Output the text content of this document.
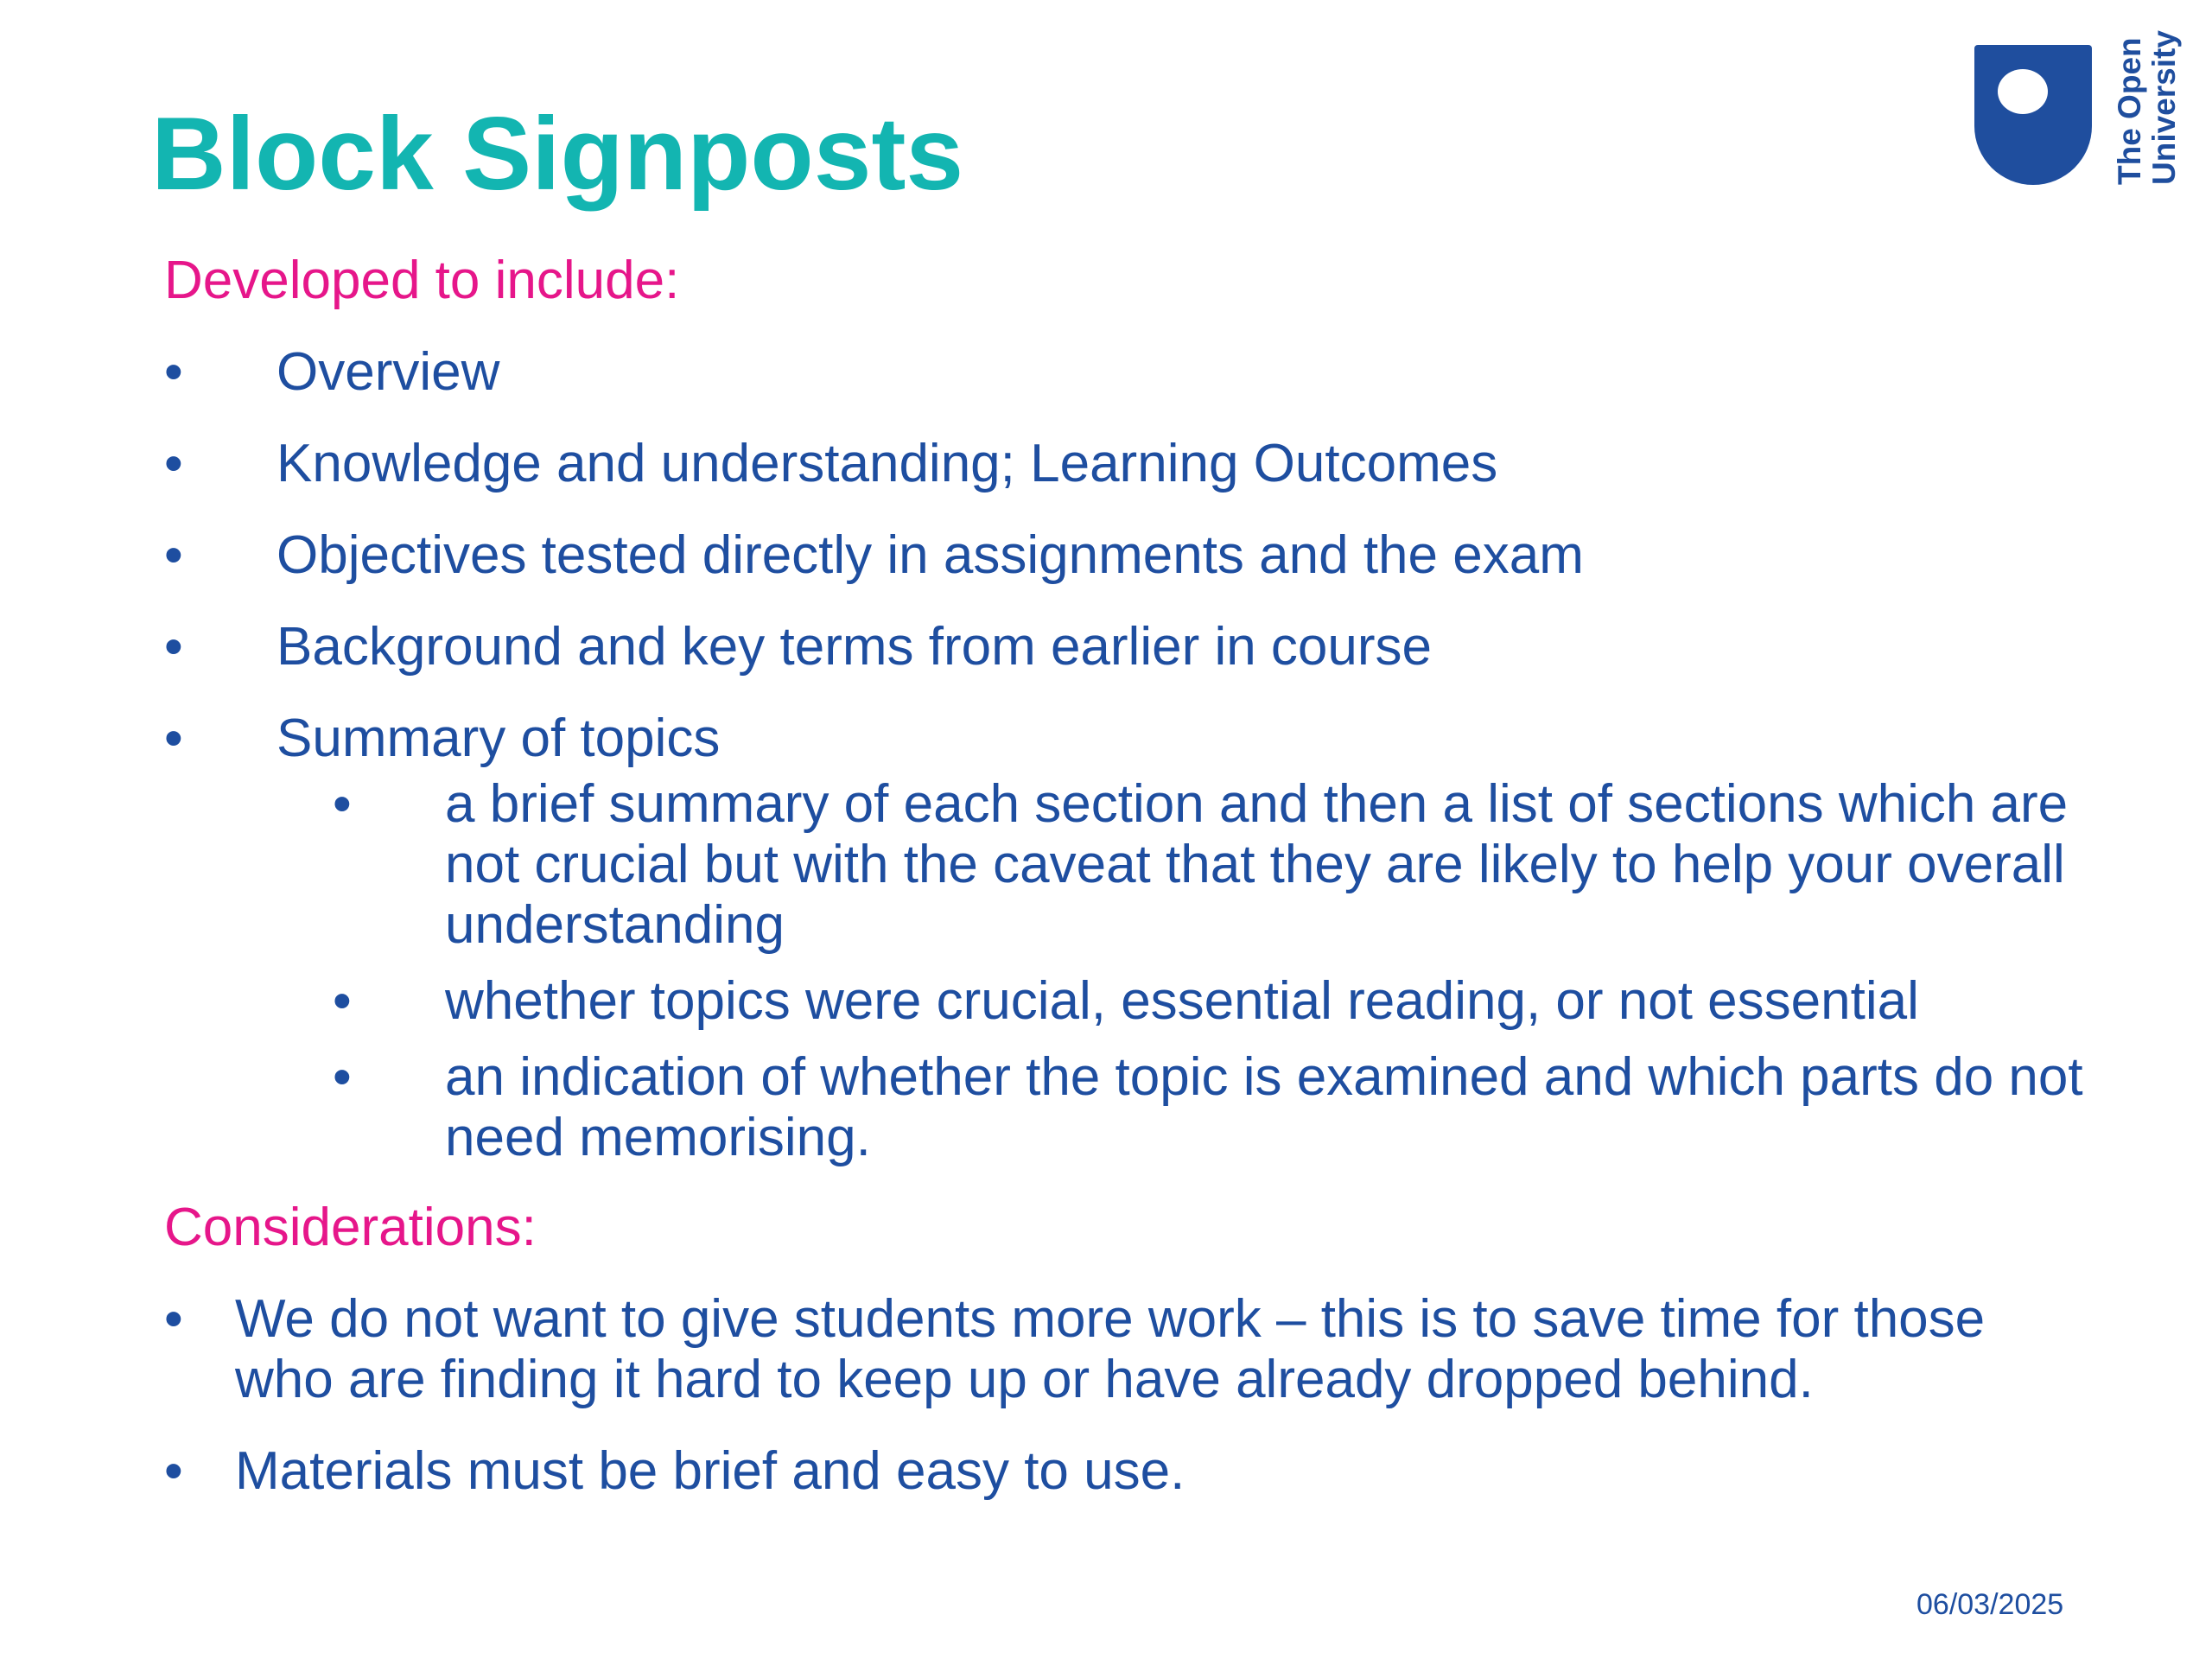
Block Signposts	The Open University

Developed to include:

• Overview
• Knowledge and understanding; Learning Outcomes
• Objectives tested directly in assignments and the exam
• Background and key terms from earlier in course
• Summary of topics
• a brief summary of each section and then a list of sections which are not crucial but with the caveat that they are likely to help your overall understanding
• whether topics were crucial, essential reading, or not essential
• an indication of whether the topic is examined and which parts do not need memorising.

Considerations:

• We do not want to give students more work – this is to save time for those who are finding it hard to keep up or have already dropped behind.
• Materials must be brief and easy to use.
06/03/2025
